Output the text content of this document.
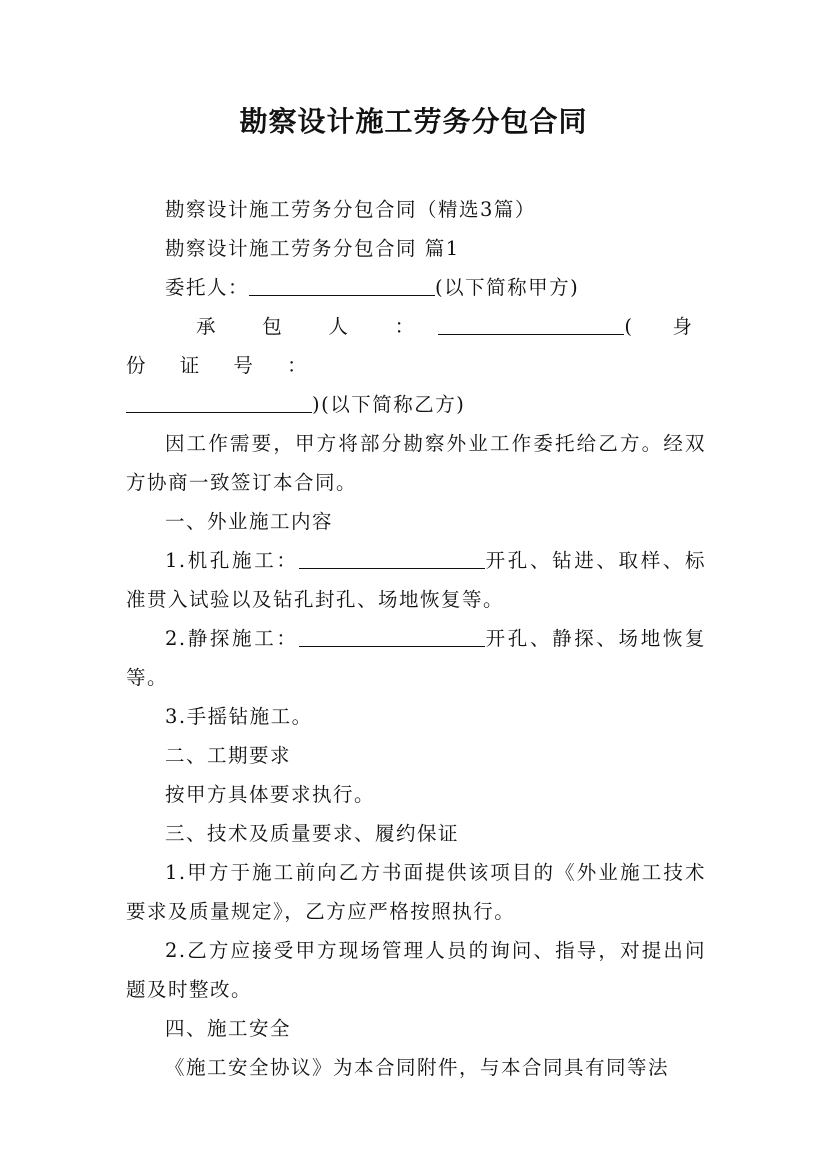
勘察设计施工劳务分包合同

勘察设计施工劳务分包合同（精选3篇）

勘察设计施工劳务分包合同 篇1

委托人：	(以下简称甲方)

承 包 人 ：	( 身 份 证 号 ：

)(以下简称乙方)

因工作需要，甲方将部分勘察外业工作委托给乙方。经双方协商一致签订本合同。

一、外业施工内容

1.机孔施工：	开孔、钻进、取样、标准贯入试验以及钻孔封孔、场地恢复等。

2.静探施工：	开孔、静探、场地恢复等。

3.手摇钻施工。

二、工期要求

按甲方具体要求执行。

三、技术及质量要求、履约保证

1.甲方于施工前向乙方书面提供该项目的《外业施工技术要求及质量规定》，乙方应严格按照执行。

2.乙方应接受甲方现场管理人员的询问、指导，对提出问题及时整改。

四、施工安全

《施工安全协议》为本合同附件，与本合同具有同等法
